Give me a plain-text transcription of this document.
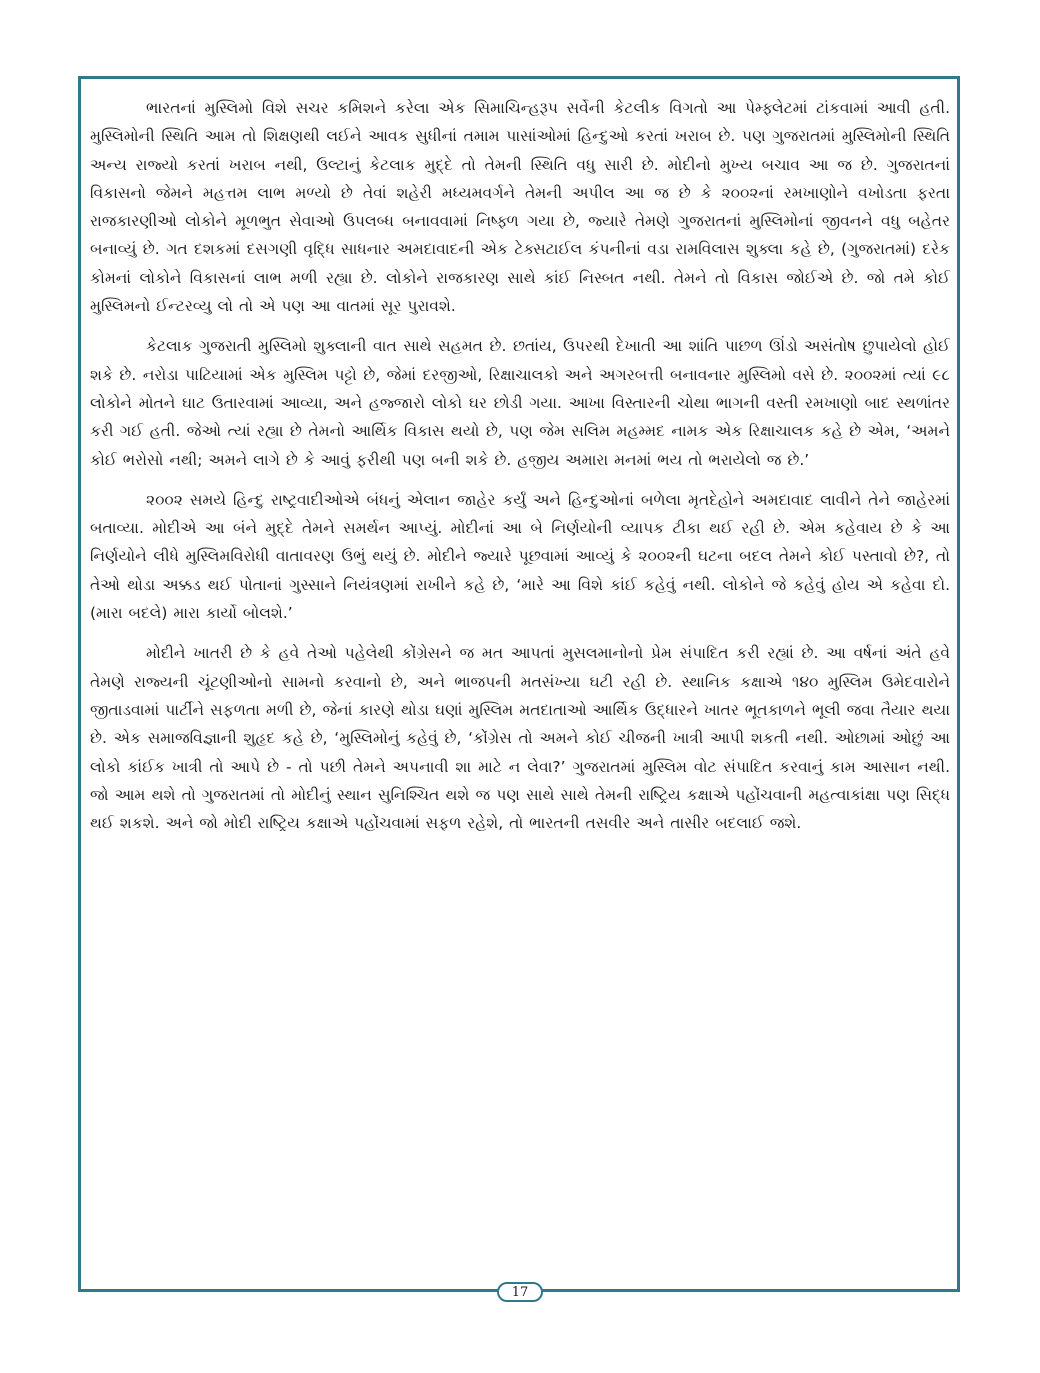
ભારતનાં મુસ્લિમો વિશે સચર કમિશને કરેલા એક સિમાચિન્હરૂપ સર્વેની કેટલીક વિગતો આ પેમ્ફ્લેટમાં ટાંકવામાં આવી હતી. મુસ્લિમોની સ્થિતિ આમ તો શિક્ષણથી લઈને આવક સુધીનાં તમામ પાસાંઓમાં હિન્દુઓ કરતાં ખરાબ છે. પણ ગુજરાતમાં મુસ્લિમોની સ્થિતિ અન્ય રાજ્યો કરતાં ખરાબ નથી, ઉલ્ટાનું કેટલાક મુદ્દે તો તેમની સ્થિતિ વધુ સારી છે. મોદીનો મુખ્ય બચાવ આ જ છે. ગુજરાતનાં વિકાસનો જેમને મહત્તમ લાભ મળ્યો છે તેવાં શહેરી મધ્યમવર્ગને તેમની અપીલ આ જ છે કે ૨૦૦૨નાં રમખાણોને વખોડતા ફરતા રાજકારણીઓ લોકોને મૂળભુત સેવાઓ ઉપલબ્ધ બનાવવામાં નિષ્ફ્ળ ગયા છે, જ્યારે તેમણે ગુજરાતનાં મુસ્લિમોનાં જીવનને વધુ બહેતર બનાવ્યું છે. ગત દશકમાં દસગણી વૃદ્ધિ સાધનાર અમદાવાદની એક ટેક્સટાઈલ કંપનીનાં વડા રામવિલાસ શુક્લા કહે છે, (ગુજરાતમાં) દરેક કોમનાં લોકોને વિકાસનાં લાભ મળી રહ્યા છે. લોકોને રાજકારણ સાથે કાંઈ નિસ્બત નથી. તેમને તો વિકાસ જોઈએ છે. જો તમે કોઈ મુસ્લિમનો ઈન્ટરવ્યુ લો તો એ પણ આ વાતમાં સૂર પુરાવશે.

કેટલાક ગુજરાતી મુસ્લિમો શુક્લાની વાત સાથે સહમત છે. છતાંય, ઉપરથી દેખાતી આ શાંતિ પાછળ ઊંડો અસંતોષ છુપાયેલો હોઈ શકે છે. નરોડા પાટિયામાં એક મુસ્લિમ પટ્ટો છે, જેમાં દરજીઓ, રિક્ષાચાલકો અને અગરબત્તી બનાવનાર મુસ્લિમો વસે છે. ૨૦૦૨માં ત્યાં ૯૮ લોકોને મોતને ઘાટ ઉતારવામાં આવ્યા, અને હજ્જારો લોકો ઘર છોડી ગયા. આખા વિસ્તારની ચોથા ભાગની વસ્તી રમખાણો બાદ સ્થળાંતર કરી ગઈ હતી. જેઓ ત્યાં રહ્યા છે તેમનો આર્થિક વિકાસ થયો છે, પણ જેમ સલિમ મહમ્મદ નામક એક રિક્ષાચાલક કહે છે એમ, ‘અમને કોઈ ભરોસો નથી; અમને લાગે છે કે આવું ફરીથી પણ બની શકે છે. હજીય અમારા મનમાં ભય તો ભરાયેલો જ છે.’

૨૦૦૨ સમયે હિન્દુ રાષ્ટ્રવાદીઓએ બંધનું એલાન જાહેર કર્યું અને હિન્દુઓનાં બળેલા મૃતદેહોને અમદાવાદ લાવીને તેને જાહેરમાં બતાવ્યા. મોદીએ આ બંને મુદ્દે તેમને સમર્થન આપ્યું. મોદીનાં આ બે નિર્ણયોની વ્યાપક ટીકા થઈ રહી છે. એમ કહેવાય છે કે આ નિર્ણયોને લીધે મુસ્લિમવિરોધી વાતાવરણ ઉભું થયું છે. મોદીને જ્યારે પૂછવામાં આવ્યું કે ૨૦૦૨ની ઘટના બદલ તેમને કોઈ પસ્તાવો છે?, તો તેઓ થોડા અક્કડ થઈ પોતાનાં ગુસ્સાને નિયંત્રણમાં રાખીને કહે છે, ‘મારે આ વિશે કાંઈ કહેવું નથી. લોકોને જે કહેવું હોય એ કહેવા દો. (મારા બદલે) મારા કાર્યો બોલશે.’

મોદીને ખાતરી છે કે હવે તેઓ પહેલેથી કોંગ્રેસને જ મત આપતાં મુસલમાનોનો પ્રેમ સંપાદિત કરી રહ્યાં છે. આ વર્ષનાં અંતે હવે તેમણે રાજ્યની ચૂંટણીઓનો સામનો કરવાનો છે, અને ભાજપની મતસંખ્યા ઘટી રહી છે. સ્થાનિક કક્ષાએ ૧૪૦ મુસ્લિમ ઉમેદવારોને જીતાડવામાં પાર્ટીને સફળતા મળી છે, જેનાં કારણે થોડા ઘણાં મુસ્લિમ મતદાતાઓ આર્થિક ઉદ્ધારને ખાતર ભૂતકાળને ભૂલી જવા તૈયાર થયા છે. એક સમાજવિજ્ઞાની શુહૃદ કહે છે, ‘મુસ્લિમોનું કહેવું છે, ‘કોંગ્રેસ તો અમને કોઈ ચીજની ખાત્રી આપી શકતી નથી. ઓછામાં ઓછું આ લોકો કાંઈક ખાત્રી તો આપે છે - તો પછી તેમને અપનાવી શા માટે ન લેવા?’ ગુજરાતમાં મુસ્લિમ વોટ સંપાદિત કરવાનું કામ આસાન નથી. જો આમ થશે તો ગુજરાતમાં તો મોદીનું સ્થાન સુનિશ્ચિત થશે જ પણ સાથે સાથે તેમની રાષ્ટ્રિય કક્ષાએ પહોંચવાની મહત્વાકાંક્ષા પણ સિદ્ધ થઈ શકશે. અને જો મોદી રાષ્ટ્રિય કક્ષાએ પહોંચવામાં સફળ રહેશે, તો ભારતની તસવીર અને તાસીર બદલાઈ જશે.

17
